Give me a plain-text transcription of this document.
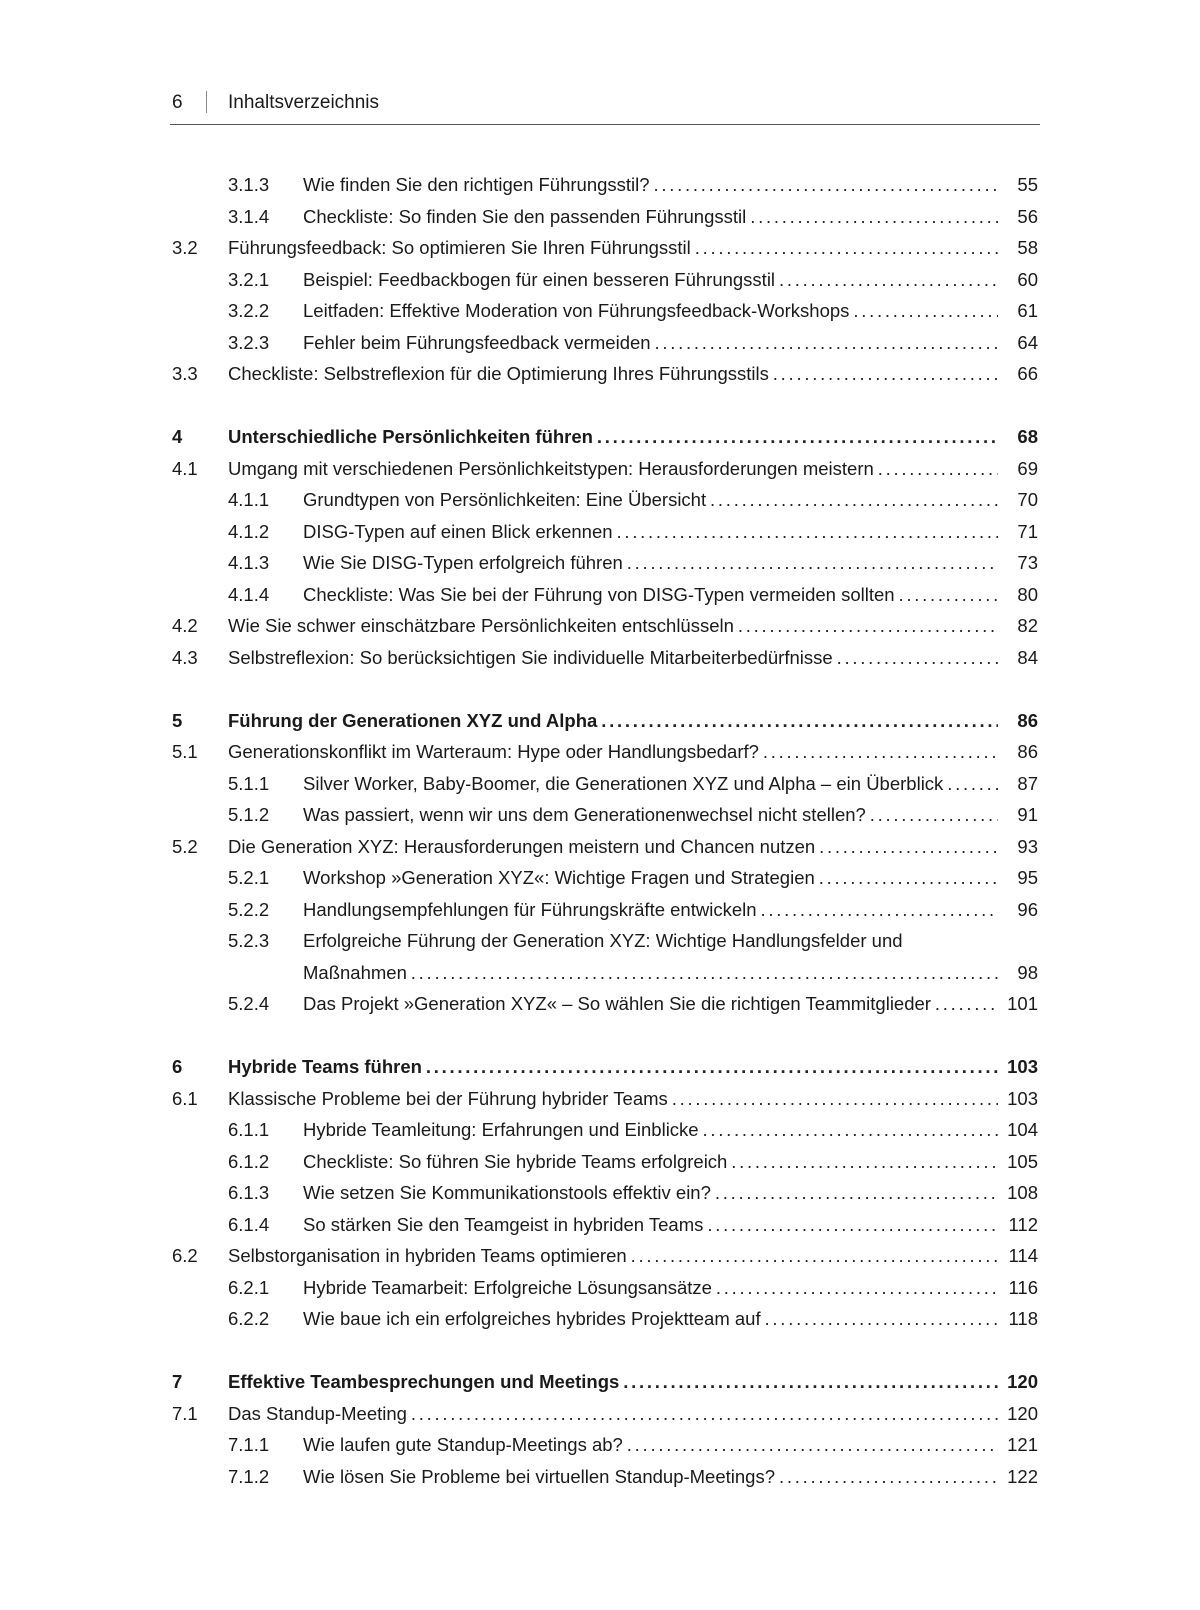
6 Inhaltsverzeichnis
3.1.3 Wie finden Sie den richtigen Führungsstil? . . .	55
3.1.4 Checkliste: So finden Sie den passenden Führungsstil . . .	56
3.2 Führungsfeedback: So optimieren Sie Ihren Führungsstil . . .	58
3.2.1 Beispiel: Feedbackbogen für einen besseren Führungsstil . . .	60
3.2.2 Leitfaden: Effektive Moderation von Führungsfeedback-Workshops . . .	61
3.2.3 Fehler beim Führungsfeedback vermeiden . . .	64
3.3 Checkliste: Selbstreflexion für die Optimierung Ihres Führungsstils . . .	66
4 Unterschiedliche Persönlichkeiten führen . . .	68
4.1 Umgang mit verschiedenen Persönlichkeitstypen: Herausforderungen meistern . . .	69
4.1.1 Grundtypen von Persönlichkeiten: Eine Übersicht . . .	70
4.1.2 DISG-Typen auf einen Blick erkennen . . .	71
4.1.3 Wie Sie DISG-Typen erfolgreich führen . . .	73
4.1.4 Checkliste: Was Sie bei der Führung von DISG-Typen vermeiden sollten . . .	80
4.2 Wie Sie schwer einschätzbare Persönlichkeiten entschlüsseln . . .	82
4.3 Selbstreflexion: So berücksichtigen Sie individuelle Mitarbeiterbedürfnisse . . .	84
5 Führung der Generationen XYZ und Alpha . . .	86
5.1 Generationskonflikt im Warteraum: Hype oder Handlungsbedarf? . . .	86
5.1.1 Silver Worker, Baby-Boomer, die Generationen XYZ und Alpha – ein Überblick . . .	87
5.1.2 Was passiert, wenn wir uns dem Generationenwechsel nicht stellen? . . .	91
5.2 Die Generation XYZ: Herausforderungen meistern und Chancen nutzen . . .	93
5.2.1 Workshop »Generation XYZ«: Wichtige Fragen und Strategien . . .	95
5.2.2 Handlungsempfehlungen für Führungskräfte entwickeln . . .	96
5.2.3 Erfolgreiche Führung der Generation XYZ: Wichtige Handlungsfelder und Maßnahmen . . .	98
5.2.4 Das Projekt »Generation XYZ« – So wählen Sie die richtigen Teammitglieder . . .	101
6 Hybride Teams führen . . .	103
6.1 Klassische Probleme bei der Führung hybrider Teams . . .	103
6.1.1 Hybride Teamleitung: Erfahrungen und Einblicke . . .	104
6.1.2 Checkliste: So führen Sie hybride Teams erfolgreich . . .	105
6.1.3 Wie setzen Sie Kommunikationstools effektiv ein? . . .	108
6.1.4 So stärken Sie den Teamgeist in hybriden Teams . . .	112
6.2 Selbstorganisation in hybriden Teams optimieren . . .	114
6.2.1 Hybride Teamarbeit: Erfolgreiche Lösungsansätze . . .	116
6.2.2 Wie baue ich ein erfolgreiches hybrides Projektteam auf . . .	118
7 Effektive Teambesprechungen und Meetings . . .	120
7.1 Das Standup-Meeting . . .	120
7.1.1 Wie laufen gute Standup-Meetings ab? . . .	121
7.1.2 Wie lösen Sie Probleme bei virtuellen Standup-Meetings? . . .	122
